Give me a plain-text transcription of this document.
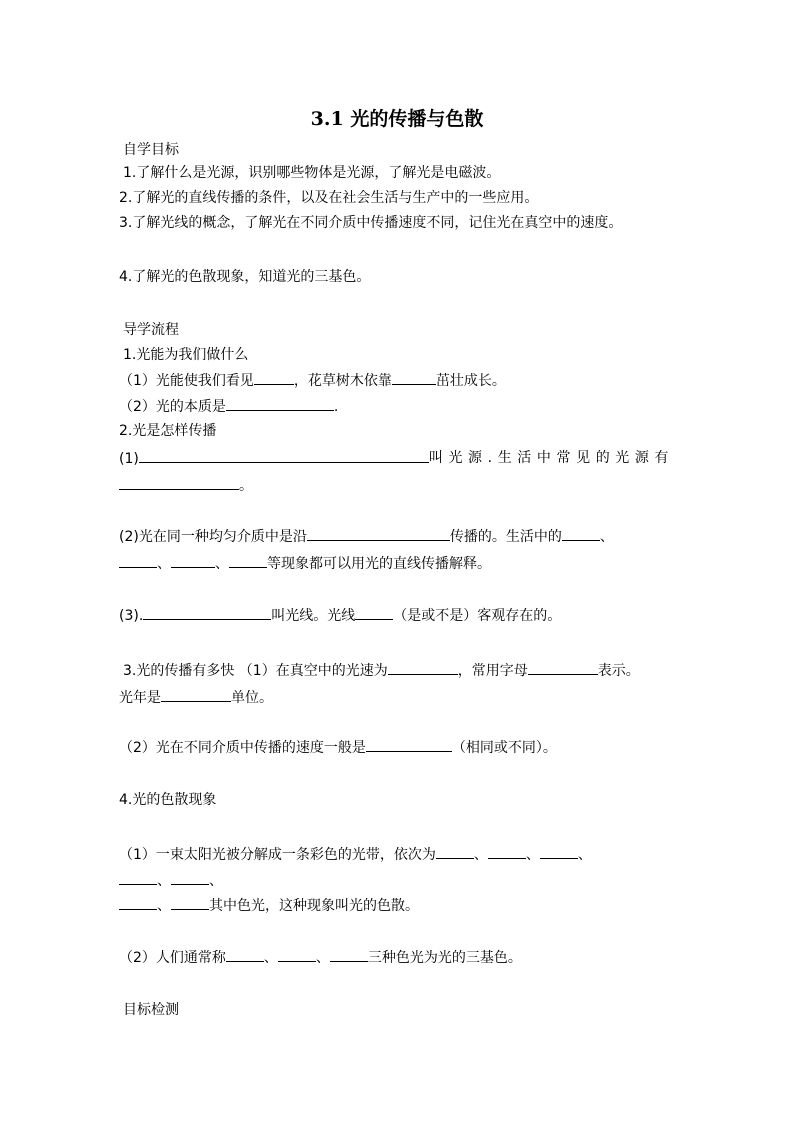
3.1 光的传播与色散
自学目标
1.了解什么是光源，识别哪些物体是光源，了解光是电磁波。
2.了解光的直线传播的条件，以及在社会生活与生产中的一些应用。
3.了解光线的概念，了解光在不同介质中传播速度不同，记住光在真空中的速度。
4.了解光的色散现象，知道光的三基色。
导学流程
1.光能为我们做什么
（1）光能使我们看见	，花草树木依靠	茁壮成长。
（2）光的本质是	.
2.光是怎样传播
(1)	叫光源.生活中常见的光源有
。
(2)光在同一种均匀介质中是沿	传播的。生活中的	、
、	、	等现象都可以用光的直线传播解释。
(3).	叫光线。光线	（是或不是）客观存在的。
3.光的传播有多快 （1）在真空中的光速为	，常用字母	表示。
光年是	单位。
（2）光在不同介质中传播的速度一般是	（相同或不同）。
4.光的色散现象
（1）一束太阳光被分解成一条彩色的光带，依次为	、	、	、
、	、
、	其中色光，这种现象叫光的色散。
（2）人们通常称	、	、	三种色光为光的三基色。
目标检测
